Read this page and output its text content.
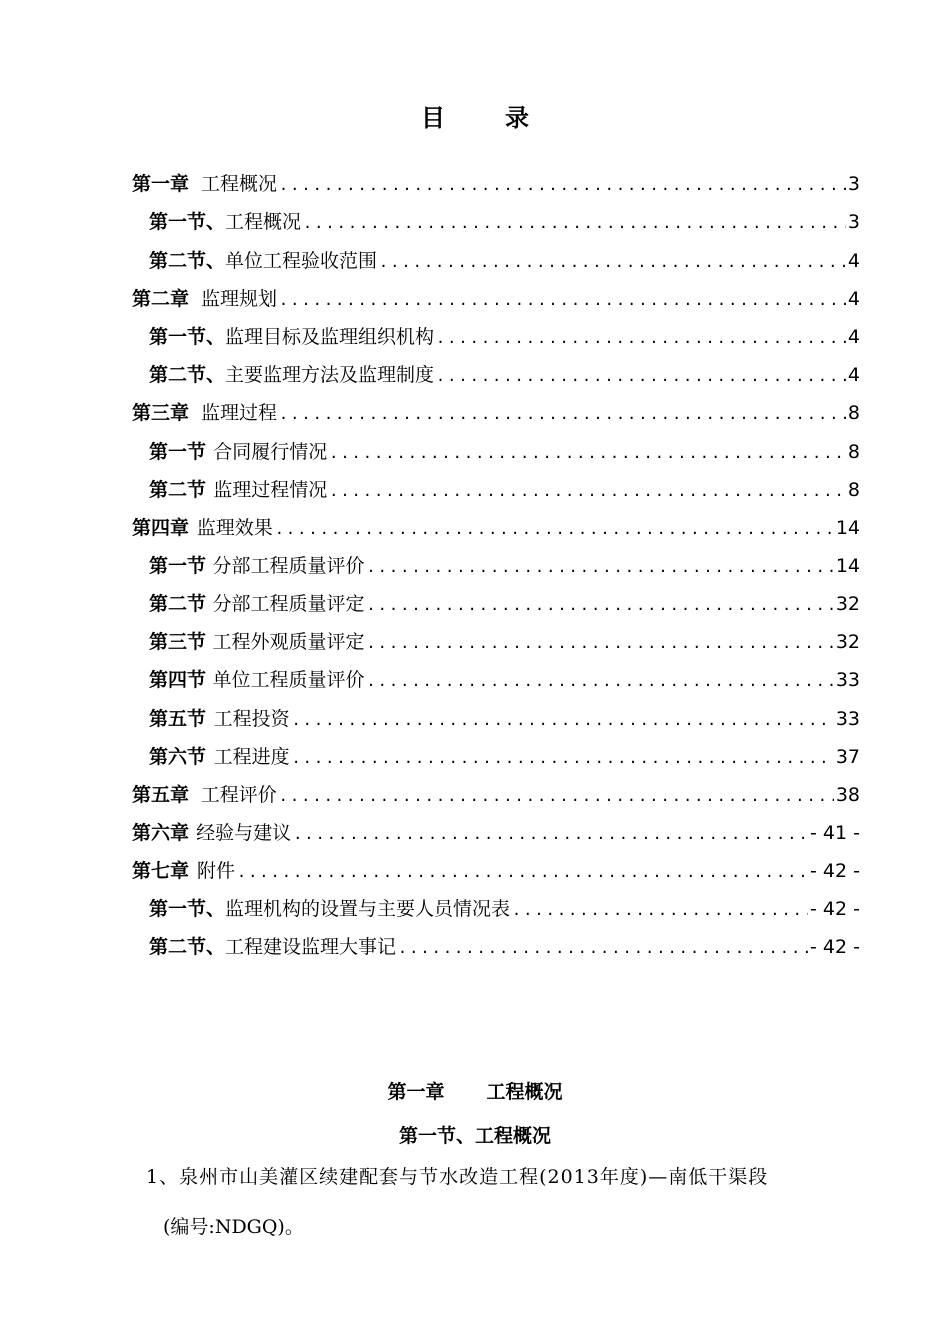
目	录
第一章 工程概况 .....	3
第一节、 工程概况 .....	3
第二节、 单位工程验收范围 .....	4
第二章 监理规划 .....	4
第一节、 监理目标及监理组织机构 .....	4
第二节、 主要监理方法及监理制度 .....	4
第三章 监理过程 .....	8
第一节 合同履行情况 .....	8
第二节 监理过程情况 .....	8
第四章 监理效果 .....	14
第一节 分部工程质量评价 .....	14
第二节 分部工程质量评定 .....	32
第三节 工程外观质量评定 .....	32
第四节 单位工程质量评价 .....	33
第五节 工程投资 .....	33
第六节 工程进度 .....	37
第五章 工程评价 .....	38
第六章 经验与建议 .....	- 41 -
第七章 附件 .....	- 42 -
第一节、 监理机构的设置与主要人员情况表 .....	- 42 -
第二节、 工程建设监理大事记 .....	- 42 -
第一章 工程概况
第一节、工程概况
1、泉州市山美灌区续建配套与节水改造工程(2013年度)—南低干渠段
(编号:NDGQ)。
